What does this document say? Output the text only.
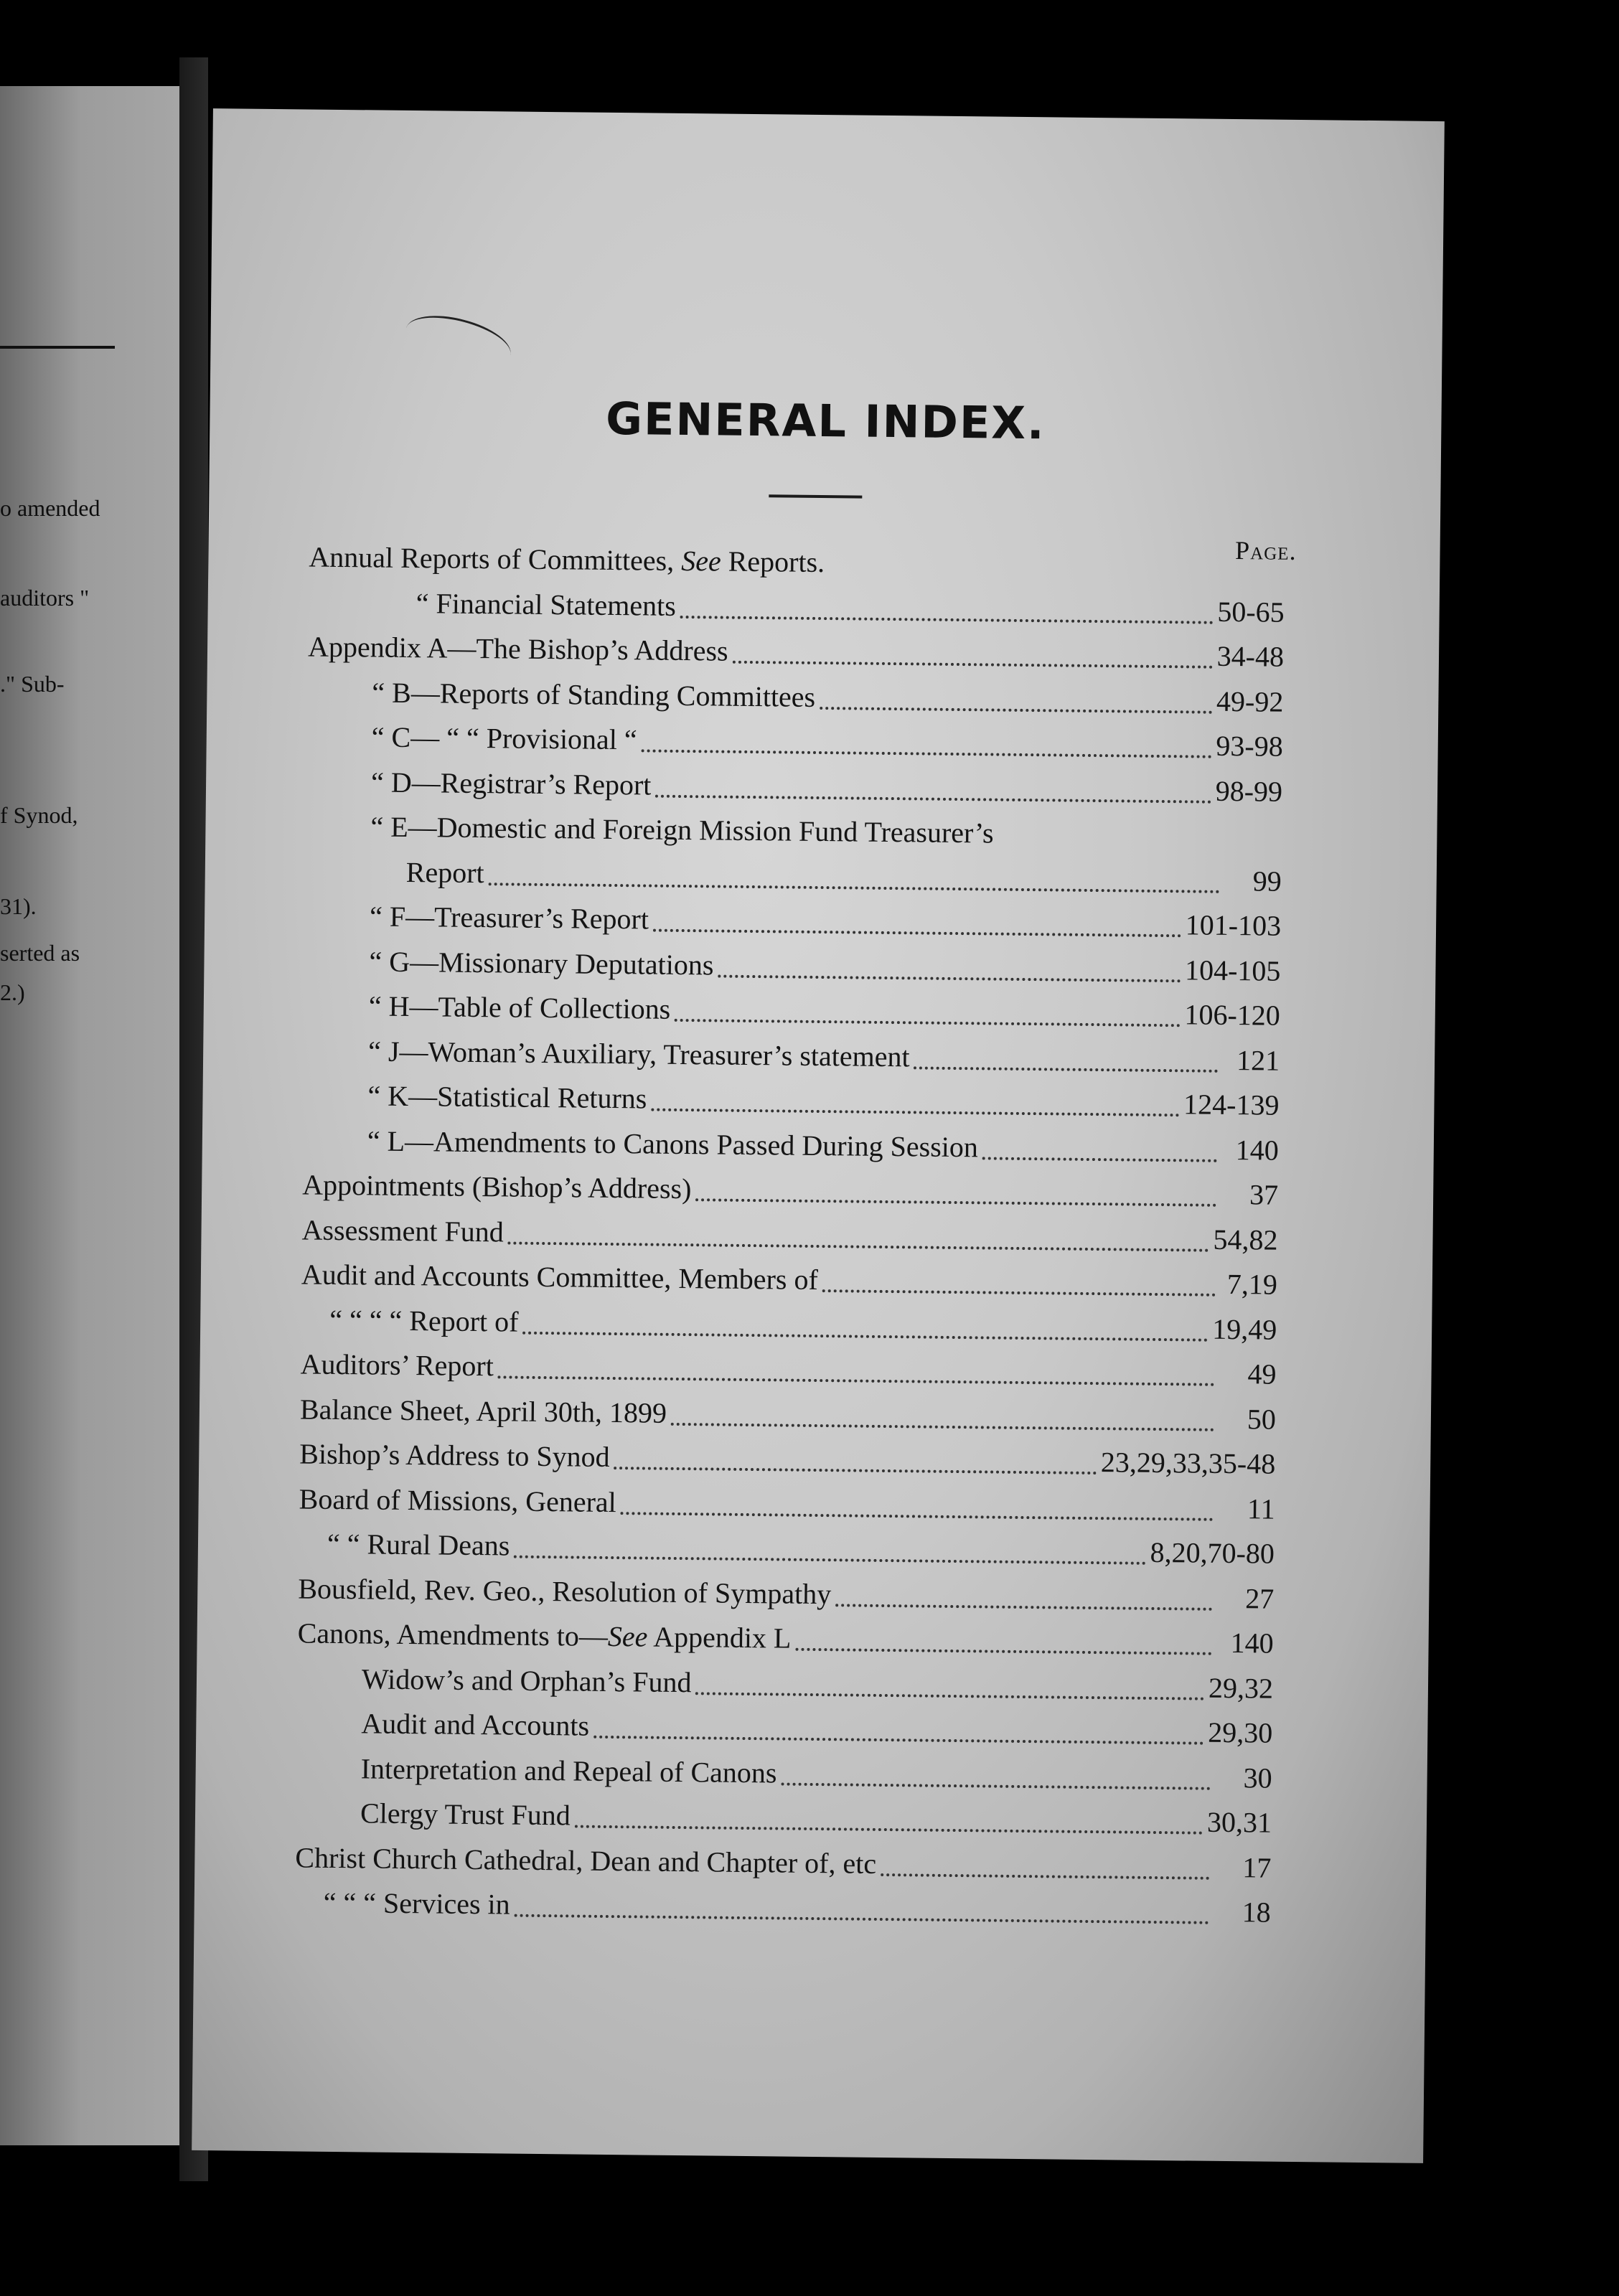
o amended
auditors "
." Sub-
f Synod,
31).
serted as
2.)
GENERAL INDEX.
Page.
Annual Reports of Committees, See Reports.
“ Financial Statements	50-65
Appendix A—The Bishop’s Address	34-48
“ B—Reports of Standing Committees	49-92
“ C— “ “ Provisional “	93-98
“ D—Registrar’s Report	98-99
“ E—Domestic and Foreign Mission Fund Treasurer’s
Report	99
“ F—Treasurer’s Report	101-103
“ G—Missionary Deputations	104-105
“ H—Table of Collections	106-120
“ J—Woman’s Auxiliary, Treasurer’s statement	121
“ K—Statistical Returns	124-139
“ L—Amendments to Canons Passed During Session	140
Appointments (Bishop’s Address)	37
Assessment Fund	54,82
Audit and Accounts Committee, Members of	7,19
“ “ “ “ Report of	19,49
Auditors’ Report	49
Balance Sheet, April 30th, 1899	50
Bishop’s Address to Synod	23,29,33,35-48
Board of Missions, General	11
“ “ Rural Deans	8,20,70-80
Bousfield, Rev. Geo., Resolution of Sympathy	27
Canons, Amendments to—See Appendix L	140
Widow’s and Orphan’s Fund	29,32
Audit and Accounts	29,30
Interpretation and Repeal of Canons	30
Clergy Trust Fund	30,31
Christ Church Cathedral, Dean and Chapter of, etc	17
“ “ “ Services in	18
